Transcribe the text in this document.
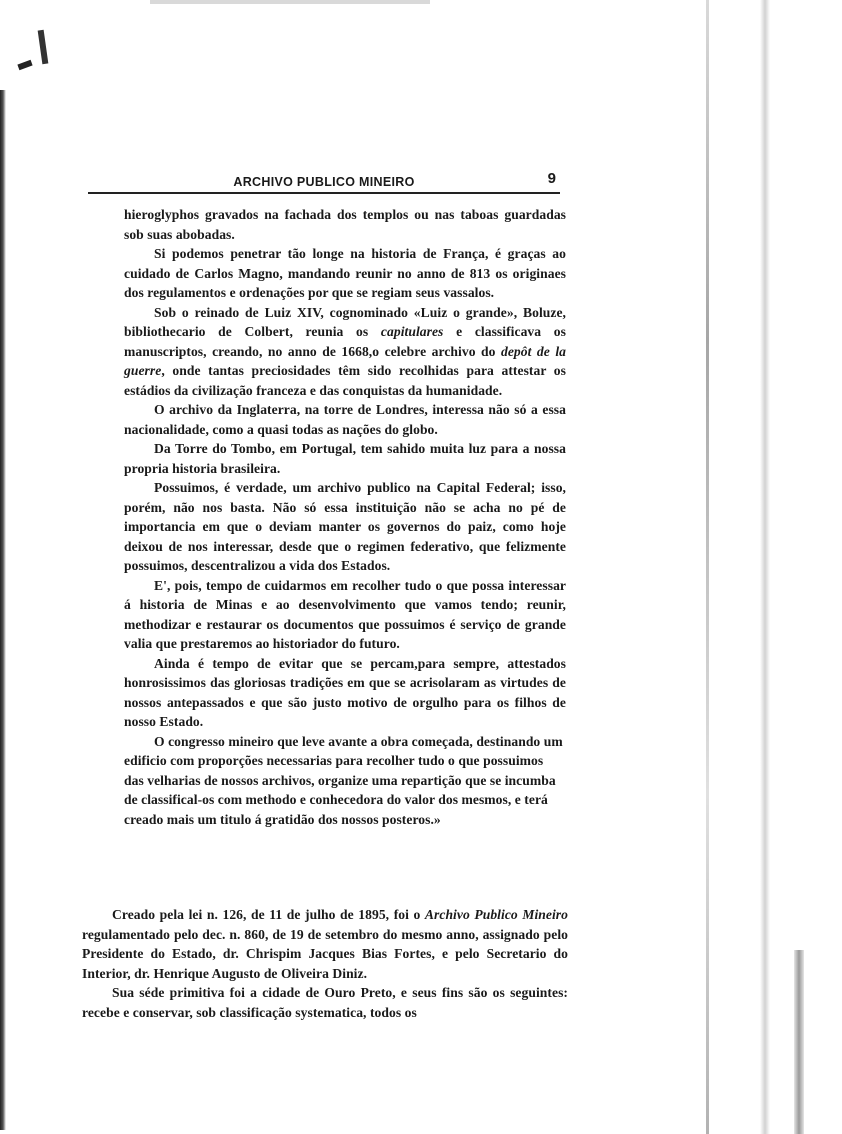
ARCHIVO PUBLICO MINEIRO	9

hieroglyphos gravados na fachada dos templos ou nas taboas guardadas sob suas abobadas.

Si podemos penetrar tão longe na historia de França, é graças ao cuidado de Carlos Magno, mandando reunir no anno de 813 os originaes dos regulamentos e ordenações por que se regiam seus vassalos.

Sob o reinado de Luiz XIV, cognominado «Luiz o grande», Boluze, bibliothecario de Colbert, reunia os capitulares e classificava os manuscriptos, creando, no anno de 1668,o celebre archivo do depôt de la guerre, onde tantas preciosidades têm sido recolhidas para attestar os estádios da civilização franceza e das conquistas da humanidade.

O archivo da Inglaterra, na torre de Londres, interessa não só a essa nacionalidade, como a quasi todas as nações do globo.

Da Torre do Tombo, em Portugal, tem sahido muita luz para a nossa propria historia brasileira.

Possuimos, é verdade, um archivo publico na Capital Federal; isso, porém, não nos basta. Não só essa instituição não se acha no pé de importancia em que o deviam manter os governos do paiz, como hoje deixou de nos interessar, desde que o regimen federativo, que felizmente possuimos, descentralizou a vida dos Estados.

E', pois, tempo de cuidarmos em recolher tudo o que possa interessar á historia de Minas e ao desenvolvimento que vamos tendo; reunir, methodizar e restaurar os documentos que possuimos é serviço de grande valia que prestaremos ao historiador do futuro.

Ainda é tempo de evitar que se percam,para sempre, attestados honrosissimos das gloriosas tradições em que se acrisolaram as virtudes de nossos antepassados e que são justo motivo de orgulho para os filhos de nosso Estado.

O congresso mineiro que leve avante a obra começada, destinando um edificio com proporções necessarias para recolher tudo o que possuimos das velharias de nossos archivos, organize uma repartição que se incumba de classifical-os com methodo e conhecedora do valor dos mesmos, e terá creado mais um titulo á gratidão dos nossos posteros.»

Creado pela lei n. 126, de 11 de julho de 1895, foi o Archivo Publico Mineiro regulamentado pelo dec. n. 860, de 19 de setembro do mesmo anno, assignado pelo Presidente do Estado, dr. Chrispim Jacques Bias Fortes, e pelo Secretario do Interior, dr. Henrique Augusto de Oliveira Diniz.

Sua séde primitiva foi a cidade de Ouro Preto, e seus fins são os seguintes: recebe e conservar, sob classificação systematica, todos os
